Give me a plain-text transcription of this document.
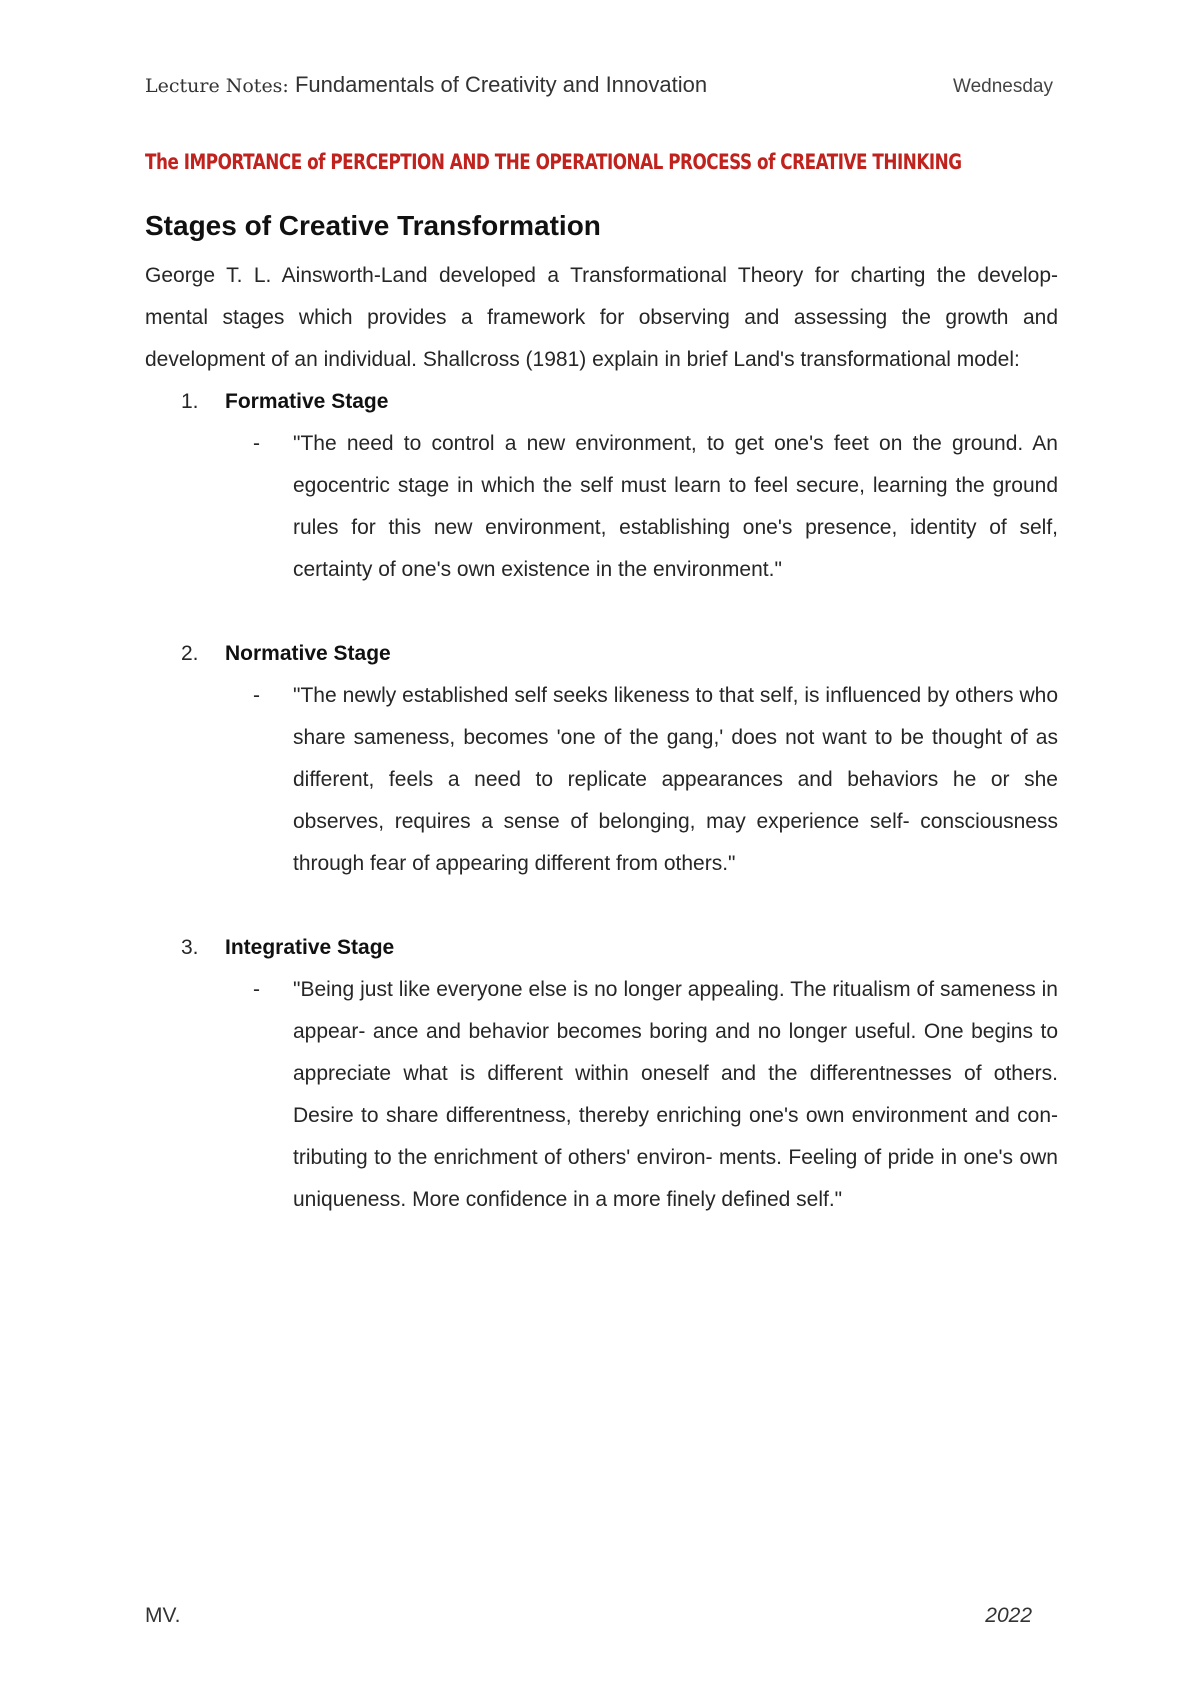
Lecture Notes: Fundamentals of Creativity and Innovation	Wednesday
The IMPORTANCE of PERCEPTION AND THE OPERATIONAL PROCESS of CREATIVE THINKING
Stages of Creative Transformation

George T. L. Ainsworth-Land developed a Transformational Theory for charting the develop-mental stages which provides a framework for observing and assessing the growth and development of an individual. Shallcross (1981) explain in brief Land's transformational model:

1.	Formative Stage
-	"The need to control a new environment, to get one's feet on the ground. An egocentric stage in which the self must learn to feel secure, learning the ground rules for this new environment, establishing one's presence, identity of self, certainty of one's own existence in the environment."
2.	Normative Stage
-	"The newly established self seeks likeness to that self, is influenced by others who share sameness, becomes 'one of the gang,' does not want to be thought of as different, feels a need to replicate appearances and behaviors he or she observes, requires a sense of belonging, may experience self- consciousness through fear of appearing different from others."
3.	Integrative Stage
-	"Being just like everyone else is no longer appealing. The ritualism of sameness in appear- ance and behavior becomes boring and no longer useful. One begins to appreciate what is different within oneself and the differentnesses of others. Desire to share differentness, thereby enriching one's own environment and con- tributing to the enrichment of others' environ- ments. Feeling of pride in one's own uniqueness. More confidence in a more finely defined self."
MV.	2022
